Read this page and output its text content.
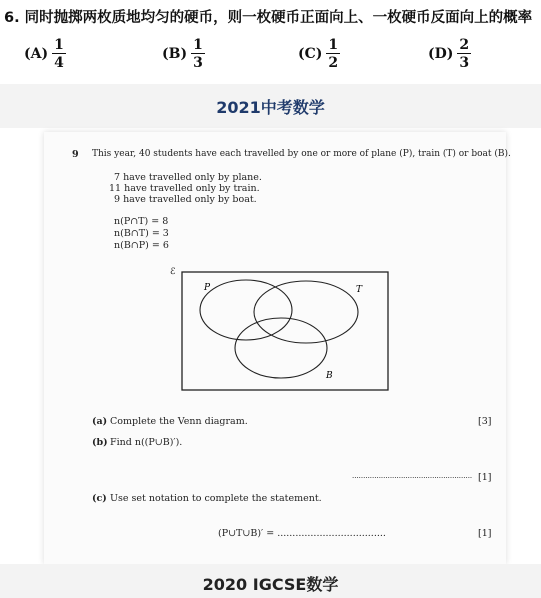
6. 同时抛掷两枚质地均匀的硬币，则一枚硬币正面向上、一枚硬币反面向上的概率
$(A) \frac{1}{4}$	$(B) \frac{1}{3}$	$(C) \frac{1}{2}$	$(D) \frac{2}{3}$
2021中考数学
9 This year, 40 students have each travelled by one or more of plane (P), train (T) or boat (B).
7 have travelled only by plane.
11 have travelled only by train.
9 have travelled only by boat.
n(P∩T) = 8
n(B∩T) = 3
n(B∩P) = 6
ℰ
P	T
B
(a) Complete the Venn diagram.	[3]
(b) Find n((P∪B)′).
...................................................... [1]
(c) Use set notation to complete the statement.
(P∪T∪B)′ = ....................................	[1]
2020 IGCSE数学
